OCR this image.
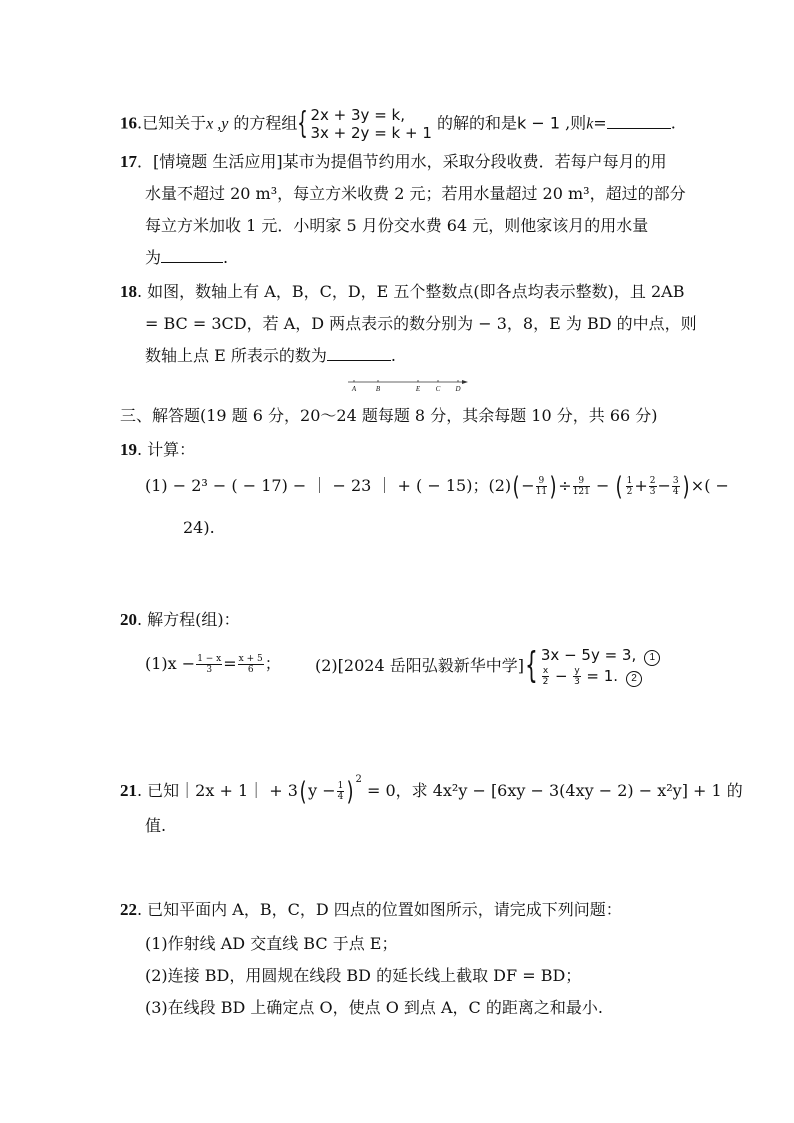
16.已知关于x ,y 的方程组{ 2x + 3y = k,
3x + 2y = k + 1
的解的和是k − 1 ,则k=	.
17．[情境题 生活应用]某市为提倡节约用水，采取分段收费．若每户每月的用
水量不超过 20 m³，每立方米收费 2 元；若用水量超过 20 m³，超过的部分
每立方米加收 1 元．小明家 5 月份交水费 64 元，则他家该月的用水量
为	.
18. 如图，数轴上有 A，B，C，D，E 五个整数点(即各点均表示整数)，且 2AB
= BC = 3CD，若 A，D 两点表示的数分别为 − 3，8，E 为 BD 的中点，则
数轴上点 E 所表示的数为	.
A	B	E C D
三、解答题(19 题 6 分，20～24 题每题 8 分，其余每题 10 分，共 66 分)
19. 计算：
(1) − 2³ − ( − 17) − ｜ − 23 ｜ + ( − 15)；$(2)(- \frac{9}{11}$ )÷ $\frac{9}{121}$ − ( $\frac{1}{2} + \frac{2}{3} - \frac{3}{4}$ )×( −
24).
20. 解方程(组)：
$(1)x - \frac{1 - x}{3} = \frac{x + 5}{6}$ ； (2)[2024 岳阳弘毅新华中学]{ 3x − 5y = 3, 1
$\frac{x}{2} - \frac{y}{3} = 1$. 2
21. 已知｜2x + 1｜ + $3(y - \frac{1}{4}$ ) $^2$ = 0，求 4x²y − [6xy − 3(4xy − 2) − x²y] + 1 的
值.
22. 已知平面内 A，B，C，D 四点的位置如图所示，请完成下列问题：
(1)作射线 AD 交直线 BC 于点 E；
(2)连接 BD，用圆规在线段 BD 的延长线上截取 DF = BD；
(3)在线段 BD 上确定点 O，使点 O 到点 A，C 的距离之和最小.
